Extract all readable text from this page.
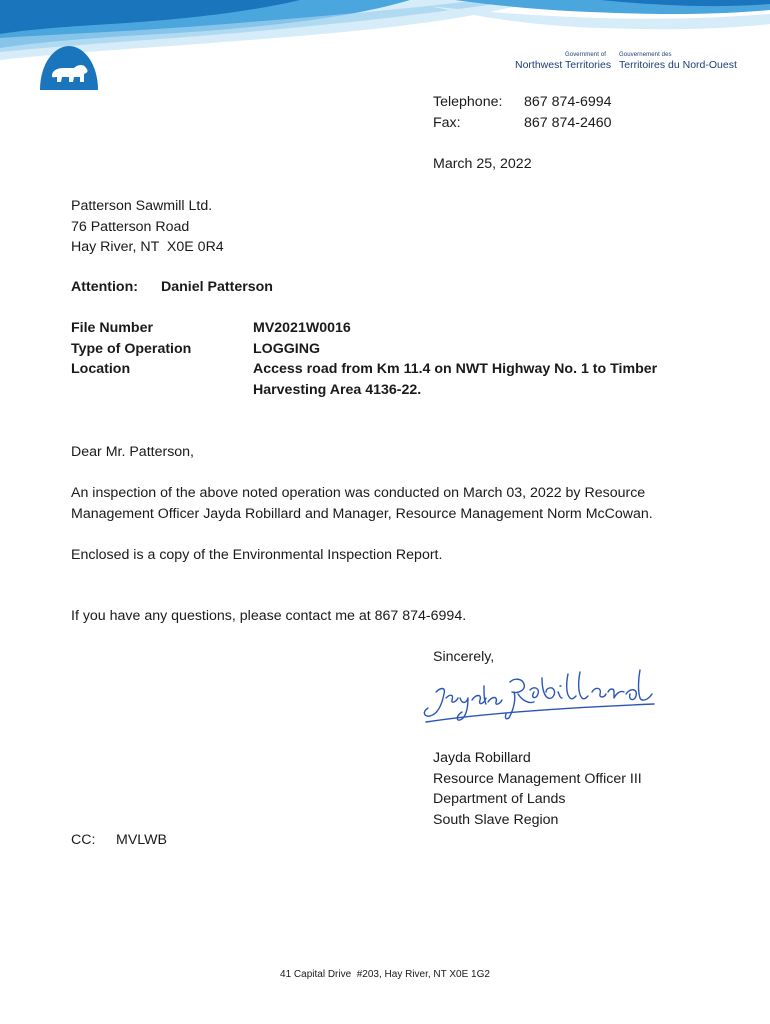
Government of	Gouvernement des
Northwest Territories Territoires du Nord-Ouest
Telephone:	867 874-6994
Fax:	867 874-2460
March 25, 2022
Patterson Sawmill Ltd.
76 Patterson Road
Hay River, NT  X0E 0R4
Attention:	Daniel Patterson
File Number	MV2021W0016
Type of Operation	LOGGING
Location	Access road from Km 11.4 on NWT Highway No. 1 to Timber Harvesting Area 4136-22.
Dear Mr. Patterson,
An inspection of the above noted operation was conducted on March 03, 2022 by Resource Management Officer Jayda Robillard and Manager, Resource Management Norm McCowan.
Enclosed is a copy of the Environmental Inspection Report.
If you have any questions, please contact me at 867 874-6994.
Sincerely,
Jayda Robillard
Resource Management Officer III
Department of Lands
South Slave Region
CC:	MVLWB
41 Capital Drive  #203, Hay River, NT X0E 1G2
